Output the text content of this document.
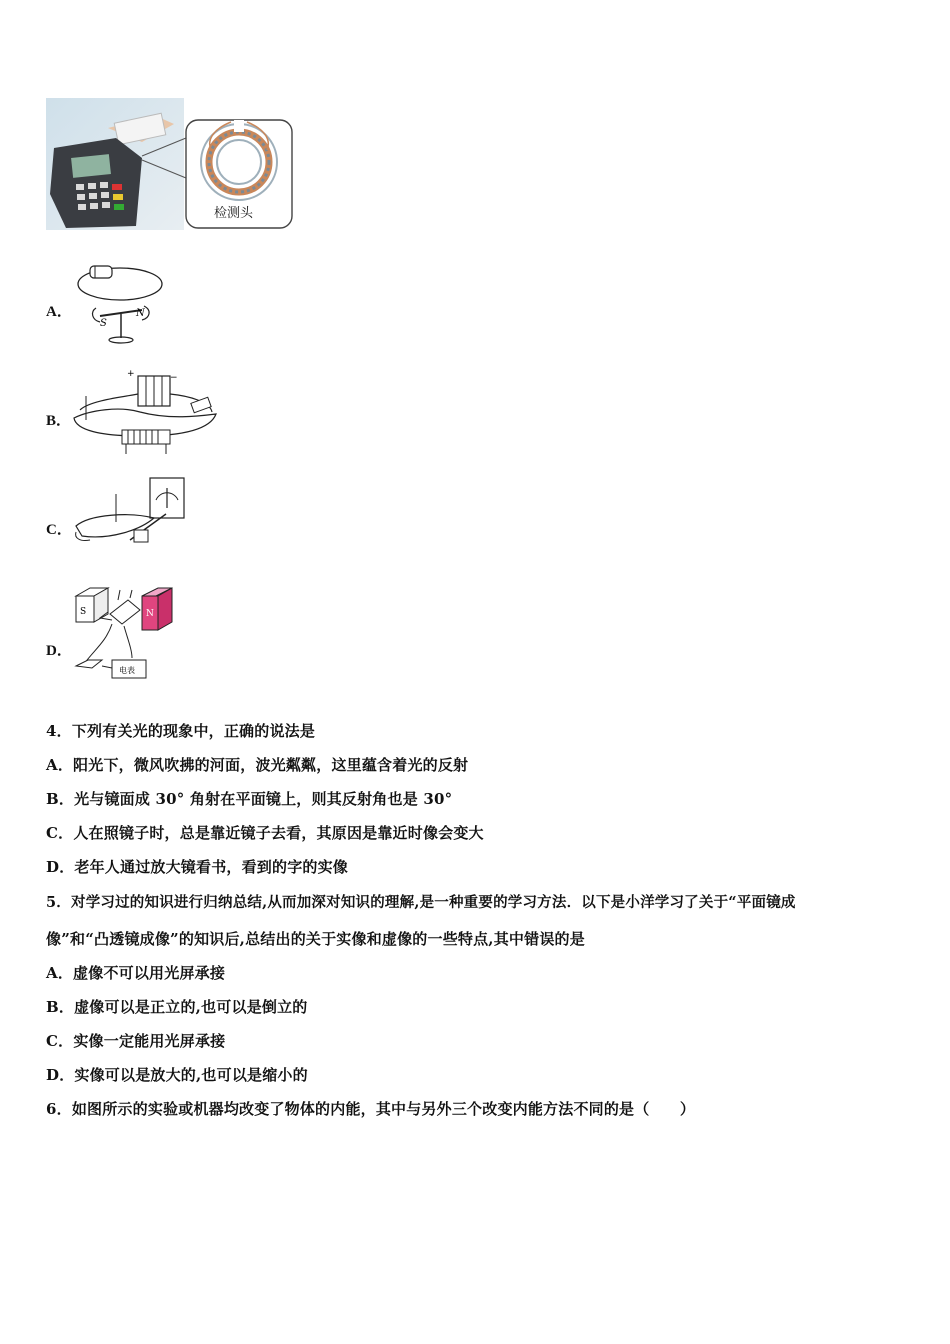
检测头
A．
S
N
B．
+	−
C．
D．
S	N
电表
4．下列有关光的现象中，正确的说法是
A．阳光下，微风吹拂的河面，波光粼粼，这里蕴含着光的反射
B．光与镜面成 30° 角射在平面镜上，则其反射角也是 30°
C．人在照镜子时，总是靠近镜子去看，其原因是靠近时像会变大
D．老年人通过放大镜看书，看到的字的实像
5．对学习过的知识进行归纳总结,从而加深对知识的理解,是一种重要的学习方法．以下是小洋学习了关于“平面镜成
像”和“凸透镜成像”的知识后,总结出的关于实像和虚像的一些特点,其中错误的是
A．虚像不可以用光屏承接
B．虚像可以是正立的,也可以是倒立的
C．实像一定能用光屏承接
D．实像可以是放大的,也可以是缩小的
6．如图所示的实验或机器均改变了物体的内能，其中与另外三个改变内能方法不同的是（　　）
